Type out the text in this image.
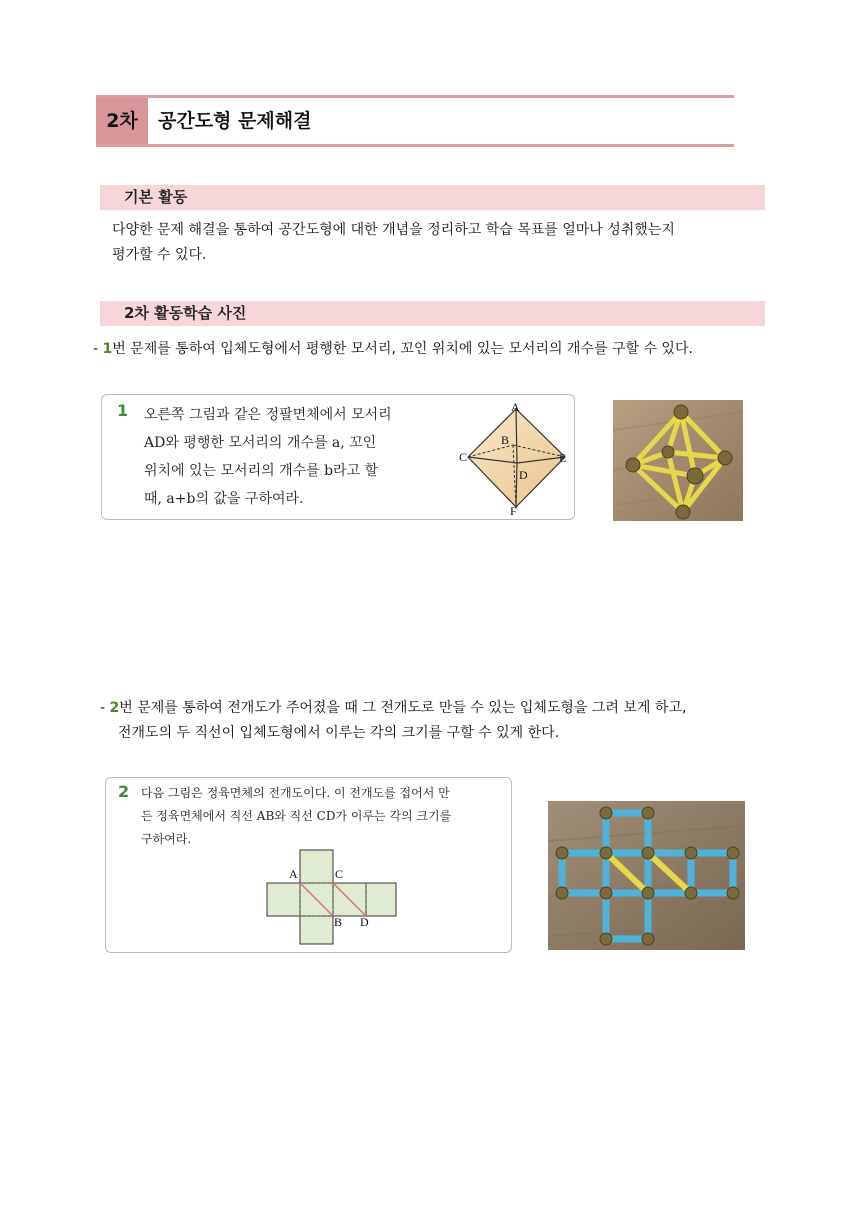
2차	공간도형 문제해결
기본 활동
다양한 문제 해결을 통하여 공간도형에 대한 개념을 정리하고 학습 목표를 얼마나 성취했는지
평가할 수 있다.
2차 활동학습 사진
- 1번 문제를 통하여 입체도형에서 평행한 모서리, 꼬인 위치에 있는 모서리의 개수를 구할 수 있다.
1 오른쪽 그림과 같은 정팔면체에서 모서리
AD와 평행한 모서리의 개수를 a, 꼬인
위치에 있는 모서리의 개수를 b라고 할
때, a+b의 값을 구하여라.
A
B
C
D
E
F
- 2번 문제를 통하여 전개도가 주어졌을 때 그 전개도로 만들 수 있는 입체도형을 그려 보게 하고,
전개도의 두 직선이 입체도형에서 이루는 각의 크기를 구할 수 있게 한다.
2 다음 그림은 정육면체의 전개도이다. 이 전개도를 접어서 만
든 정육면체에서 직선 AB와 직선 CD가 이루는 각의 크기를
구하여라.
A	C
B D
